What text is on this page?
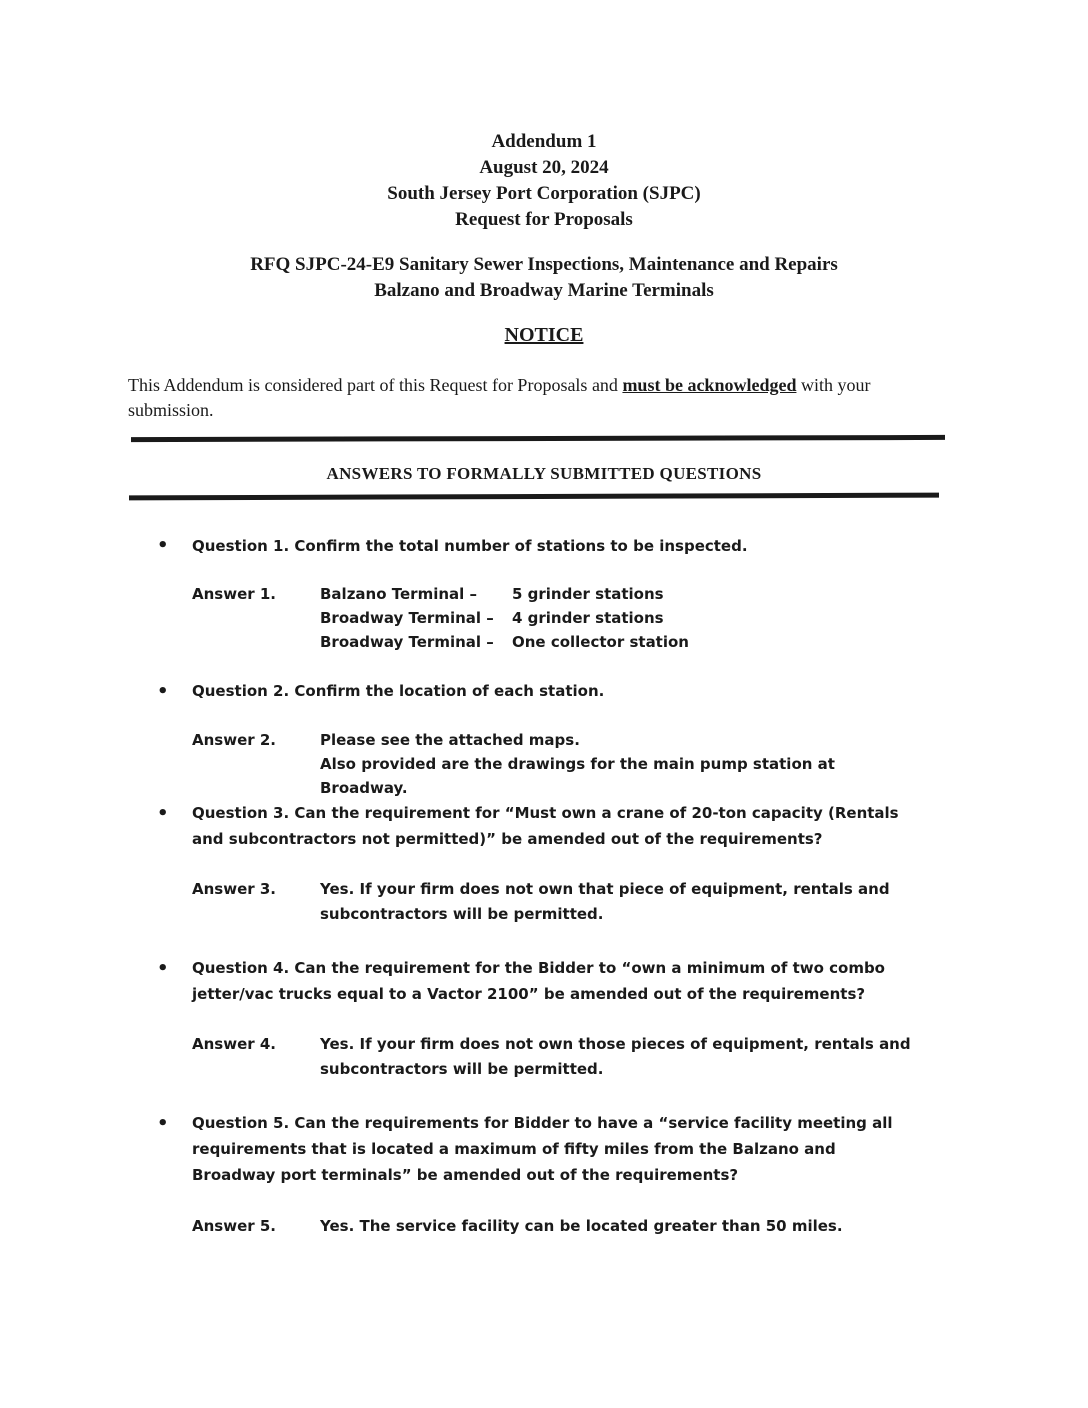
Addendum 1
August 20, 2024
South Jersey Port Corporation (SJPC)
Request for Proposals
RFQ SJPC-24-E9 Sanitary Sewer Inspections, Maintenance and Repairs
Balzano and Broadway Marine Terminals
NOTICE
This Addendum is considered part of this Request for Proposals and must be acknowledged with your submission.
ANSWERS TO FORMALLY SUBMITTED QUESTIONS
• Question 1. Confirm the total number of stations to be inspected.
Answer 1.	Balzano Terminal – 5 grinder stations
Broadway Terminal – 4 grinder stations
Broadway Terminal – One collector station
• Question 2. Confirm the location of each station.
Answer 2.	Please see the attached maps.
Also provided are the drawings for the main pump station at Broadway.
• Question 3. Can the requirement for “Must own a crane of 20-ton capacity (Rentals and subcontractors not permitted)” be amended out of the requirements?
Answer 3.	Yes. If your firm does not own that piece of equipment, rentals and subcontractors will be permitted.
• Question 4. Can the requirement for the Bidder to “own a minimum of two combo jetter/vac trucks equal to a Vactor 2100” be amended out of the requirements?
Answer 4.	Yes. If your firm does not own those pieces of equipment, rentals and subcontractors will be permitted.
• Question 5. Can the requirements for Bidder to have a “service facility meeting all requirements that is located a maximum of fifty miles from the Balzano and Broadway port terminals” be amended out of the requirements?
Answer 5.	Yes. The service facility can be located greater than 50 miles.
